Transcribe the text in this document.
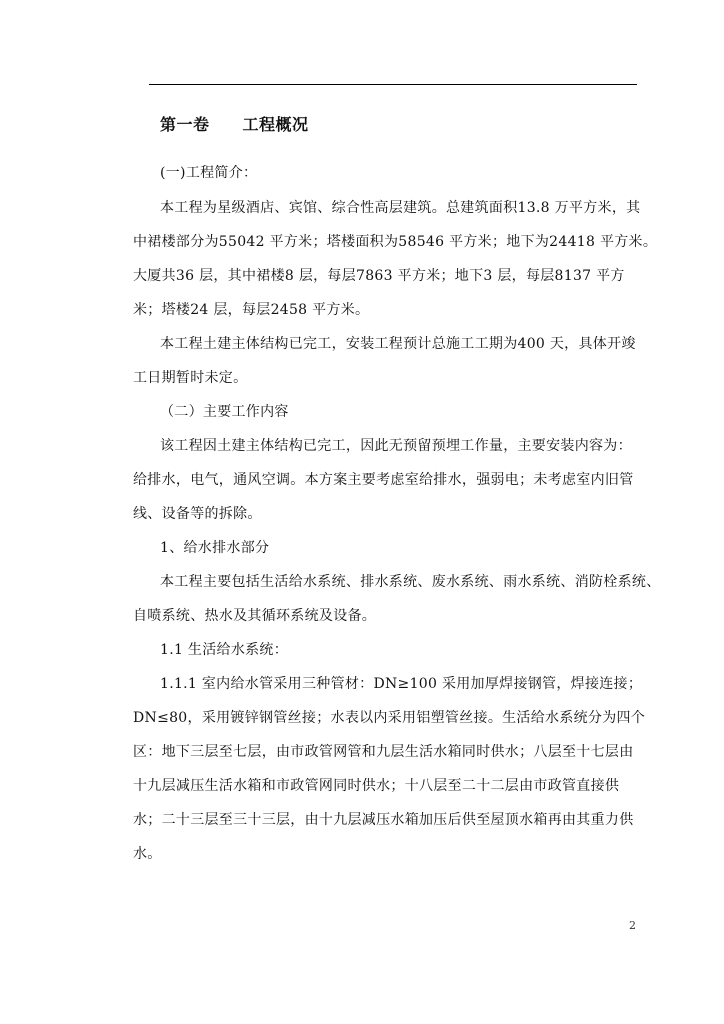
第一卷　　工程概况
(一)工程简介：
本工程为星级酒店、宾馆、综合性高层建筑。总建筑面积13.8 万平方米，其
中裙楼部分为55042 平方米；塔楼面积为58546 平方米；地下为24418 平方米。
大厦共36 层，其中裙楼8 层，每层7863 平方米；地下3 层，每层8137 平方
米；塔楼24 层，每层2458 平方米。
本工程土建主体结构已完工，安装工程预计总施工工期为400 天，具体开竣
工日期暂时未定。
（二）主要工作内容
该工程因土建主体结构已完工，因此无预留预埋工作量，主要安装内容为：
给排水，电气，通风空调。本方案主要考虑室给排水，强弱电；未考虑室内旧管
线、设备等的拆除。
1、给水排水部分
本工程主要包括生活给水系统、排水系统、废水系统、雨水系统、消防栓系统、
自喷系统、热水及其循环系统及设备。
1.1 生活给水系统：
1.1.1 室内给水管采用三种管材：DN≥100 采用加厚焊接钢管，焊接连接；
DN≤80，采用镀锌钢管丝接；水表以内采用铝塑管丝接。生活给水系统分为四个
区：地下三层至七层，由市政管网管和九层生活水箱同时供水；八层至十七层由
十九层减压生活水箱和市政管网同时供水；十八层至二十二层由市政管直接供
水；二十三层至三十三层，由十九层减压水箱加压后供至屋顶水箱再由其重力供
水。
2
